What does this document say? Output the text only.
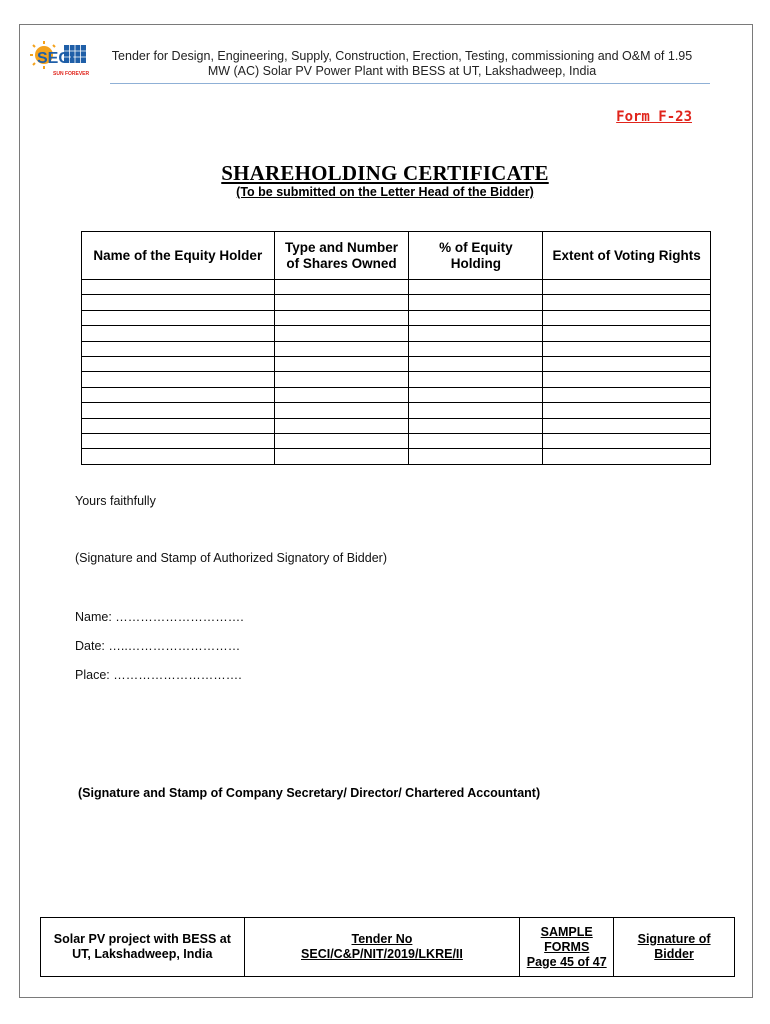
SECI
SUN FOREVER
Tender for Design, Engineering, Supply, Construction, Erection, Testing, commissioning and O&M of 1.95
MW (AC) Solar PV Power Plant with BESS at UT, Lakshadweep, India
Form F-23
SHAREHOLDING CERTIFICATE
(To be submitted on the Letter Head of the Bidder)
Name of the Equity Holder	Type and Number of Shares Owned	% of Equity Holding	Extent of Voting Rights

Yours faithfully
(Signature and Stamp of Authorized Signatory of Bidder)
Name: ………………………….
Date: …..………………………
Place: ………………………….
(Signature and Stamp of Company Secretary/ Director/ Chartered Accountant)
Solar PV project with BESS at UT, Lakshadweep, India	
Tender No
SECI/C&P/NIT/2019/LKRE/II

SAMPLE FORMS
Page 45 of 47
	Signature of Bidder
